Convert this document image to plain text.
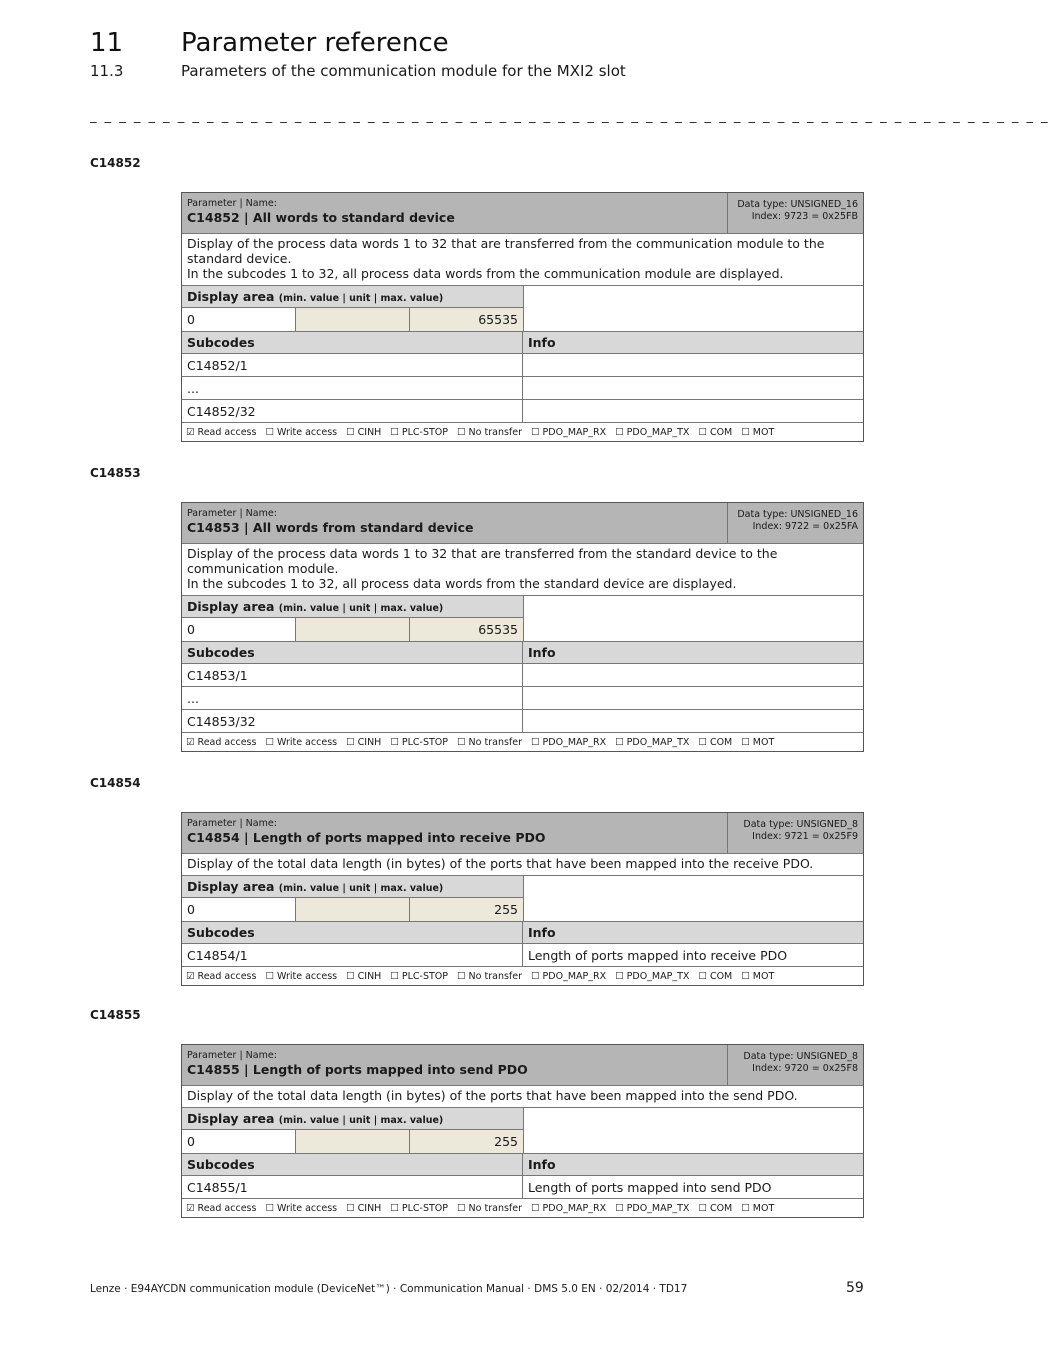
11 Parameter reference
11.3	Parameters of the communication module for the MXI2 slot
_ _ _ _ _ _ _ _ _ _ _ _ _ _ _ _ _ _ _ _ _ _ _ _ _ _ _ _ _ _ _ _ _ _ _ _ _ _ _ _ _ _ _ _ _ _ _ _ _ _ _ _ _ _ _ _ _ _ _ _ _ _ _ _ _ _
C14852
Parameter | Name:
C14852 | All words to standard device
Data type: UNSIGNED_16
Index: 9723 = 0x25FB
Display of the process data words 1 to 32 that are transferred from the communication module to the standard device.
In the subcodes 1 to 32, all process data words from the communication module are displayed.
Display area (min. value | unit | max. value)
0	65535
Subcodes	Info
C14852/1
...
C14852/32
☑ Read access ☐ Write access ☐ CINH ☐ PLC-STOP ☐ No transfer ☐ PDO_MAP_RX ☐ PDO_MAP_TX ☐ COM ☐ MOT
C14853
Parameter | Name:
C14853 | All words from standard device
Data type: UNSIGNED_16
Index: 9722 = 0x25FA
Display of the process data words 1 to 32 that are transferred from the standard device to the communication module.
In the subcodes 1 to 32, all process data words from the standard device are displayed.
Display area (min. value | unit | max. value)
0	65535
Subcodes	Info
C14853/1
...
C14853/32
☑ Read access ☐ Write access ☐ CINH ☐ PLC-STOP ☐ No transfer ☐ PDO_MAP_RX ☐ PDO_MAP_TX ☐ COM ☐ MOT
C14854
Parameter | Name:
C14854 | Length of ports mapped into receive PDO
Data type: UNSIGNED_8
Index: 9721 = 0x25F9
Display of the total data length (in bytes) of the ports that have been mapped into the receive PDO.
Display area (min. value | unit | max. value)
0	255
Subcodes	Info
C14854/1	Length of ports mapped into receive PDO
☑ Read access ☐ Write access ☐ CINH ☐ PLC-STOP ☐ No transfer ☐ PDO_MAP_RX ☐ PDO_MAP_TX ☐ COM ☐ MOT
C14855
Parameter | Name:
C14855 | Length of ports mapped into send PDO
Data type: UNSIGNED_8
Index: 9720 = 0x25F8
Display of the total data length (in bytes) of the ports that have been mapped into the send PDO.
Display area (min. value | unit | max. value)
0	255
Subcodes	Info
C14855/1	Length of ports mapped into send PDO
☑ Read access ☐ Write access ☐ CINH ☐ PLC-STOP ☐ No transfer ☐ PDO_MAP_RX ☐ PDO_MAP_TX ☐ COM ☐ MOT
Lenze · E94AYCDN communication module (DeviceNet™) · Communication Manual · DMS 5.0 EN · 02/2014 · TD17	59
